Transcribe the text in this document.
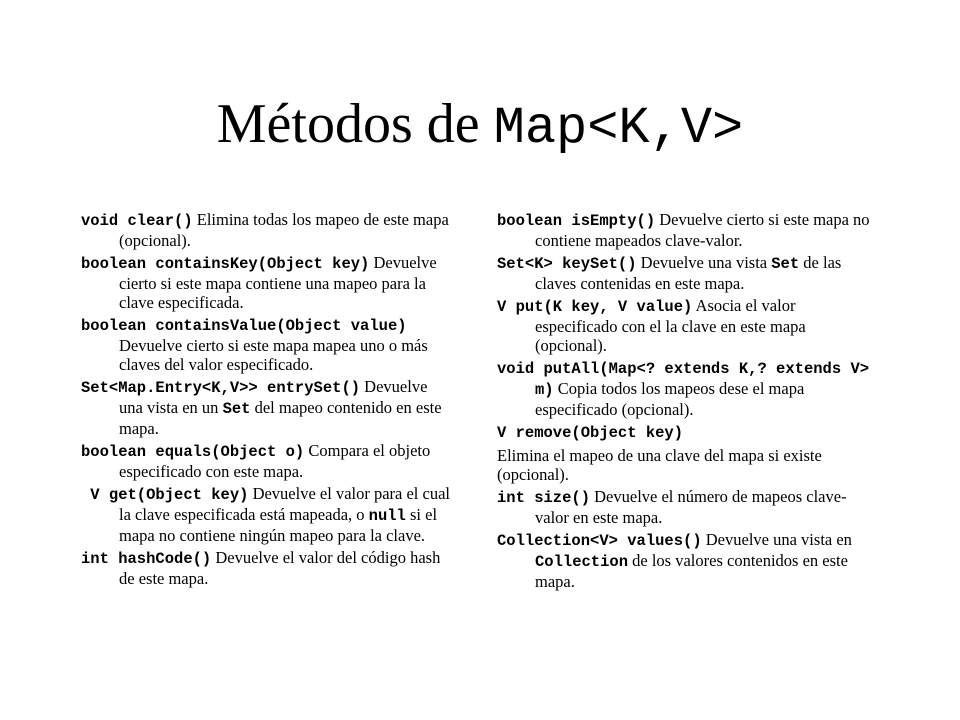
Métodos de Map<K,V>
void clear() Elimina todas los mapeo de este mapa (opcional).
boolean containsKey(Object key) Devuelve cierto si este mapa contiene una mapeo para la clave especificada.
boolean containsValue(Object value) Devuelve cierto si este mapa mapea uno o más claves del valor especificado.
Set<Map.Entry<K,V>> entrySet() Devuelve una vista en un Set del mapeo contenido en este mapa.
boolean equals(Object o) Compara el objeto especificado con este mapa.
V get(Object key) Devuelve el valor para el cual la clave especificada está mapeada, o null si el mapa no contiene ningún mapeo para la clave.
int hashCode() Devuelve el valor del código hash de este mapa.
boolean isEmpty() Devuelve cierto si este mapa no contiene mapeados clave-valor.
Set<K> keySet() Devuelve una vista Set de las claves contenidas en este mapa.
V put(K key, V value) Asocia el valor especificado con el la clave en este mapa (opcional).
void putAll(Map<? extends K,? extends V> m) Copia todos los mapeos dese el mapa especificado (opcional).
V remove(Object key)
Elimina el mapeo de una clave del mapa si existe (opcional).
int size() Devuelve el número de mapeos clave-valor en este mapa.
Collection<V> values() Devuelve una vista en Collection de los valores contenidos en este mapa.
